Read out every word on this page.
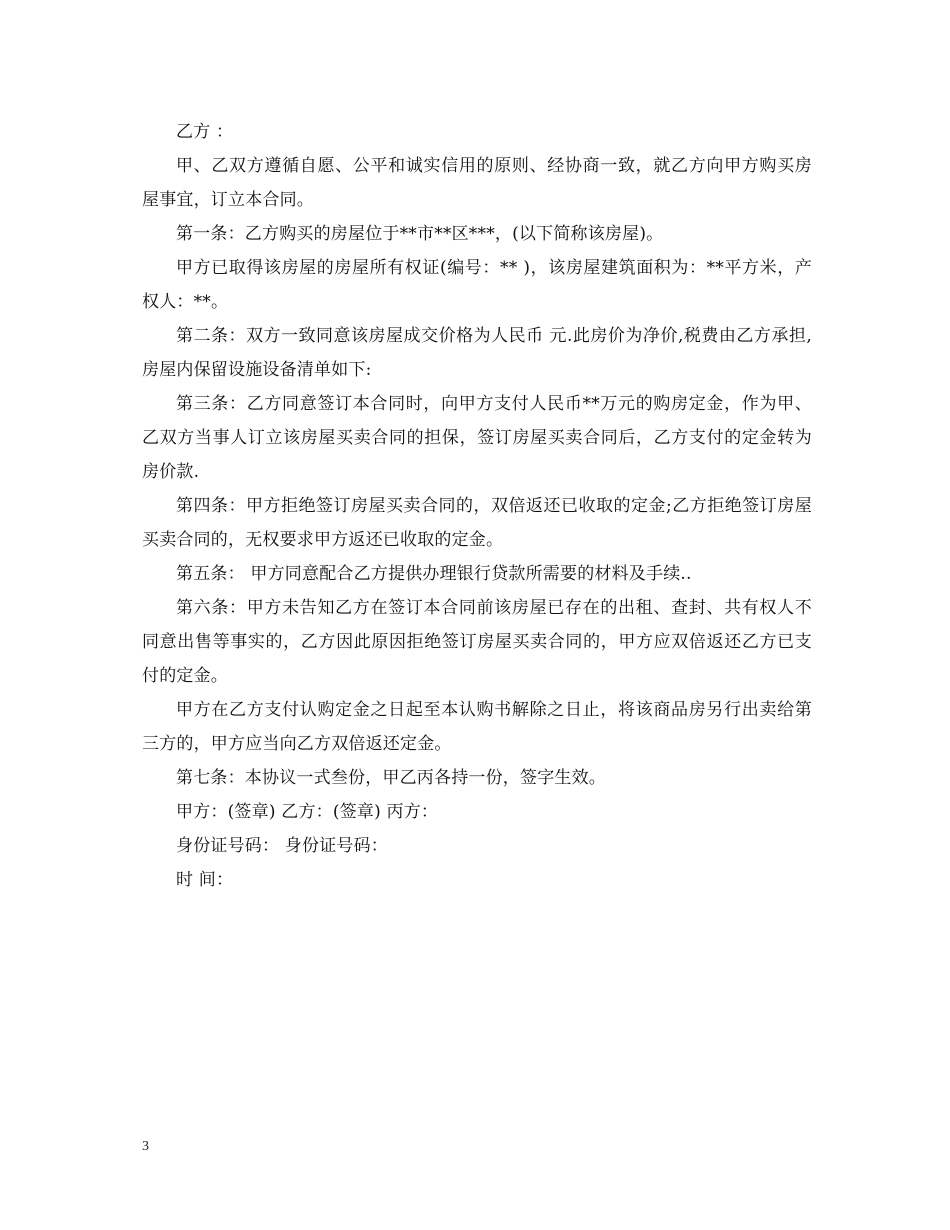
乙方 ：

甲、乙双方遵循自愿、公平和诚实信用的原则、经协商一致，就乙方向甲方购买房屋事宜，订立本合同。

第一条：乙方购买的房屋位于**市**区***，(以下简称该房屋)。

甲方已取得该房屋的房屋所有权证(编号：** )，该房屋建筑面积为：**平方米，产权人：**。

第二条：双方一致同意该房屋成交价格为人民币 元.此房价为净价,税费由乙方承担,房屋内保留设施设备清单如下:

第三条：乙方同意签订本合同时，向甲方支付人民币**万元的购房定金，作为甲、乙双方当事人订立该房屋买卖合同的担保，签订房屋买卖合同后，乙方支付的定金转为房价款.

第四条：甲方拒绝签订房屋买卖合同的，双倍返还已收取的定金;乙方拒绝签订房屋买卖合同的，无权要求甲方返还已收取的定金。

第五条： 甲方同意配合乙方提供办理银行贷款所需要的材料及手续..

第六条：甲方未告知乙方在签订本合同前该房屋已存在的出租、查封、共有权人不同意出售等事实的，乙方因此原因拒绝签订房屋买卖合同的，甲方应双倍返还乙方已支付的定金。

甲方在乙方支付认购定金之日起至本认购书解除之日止，将该商品房另行出卖给第三方的，甲方应当向乙方双倍返还定金。

第七条：本协议一式叁份，甲乙丙各持一份，签字生效。

甲方：(签章) 乙方：(签章) 丙方：

身份证号码： 身份证号码：

时 间：

3
